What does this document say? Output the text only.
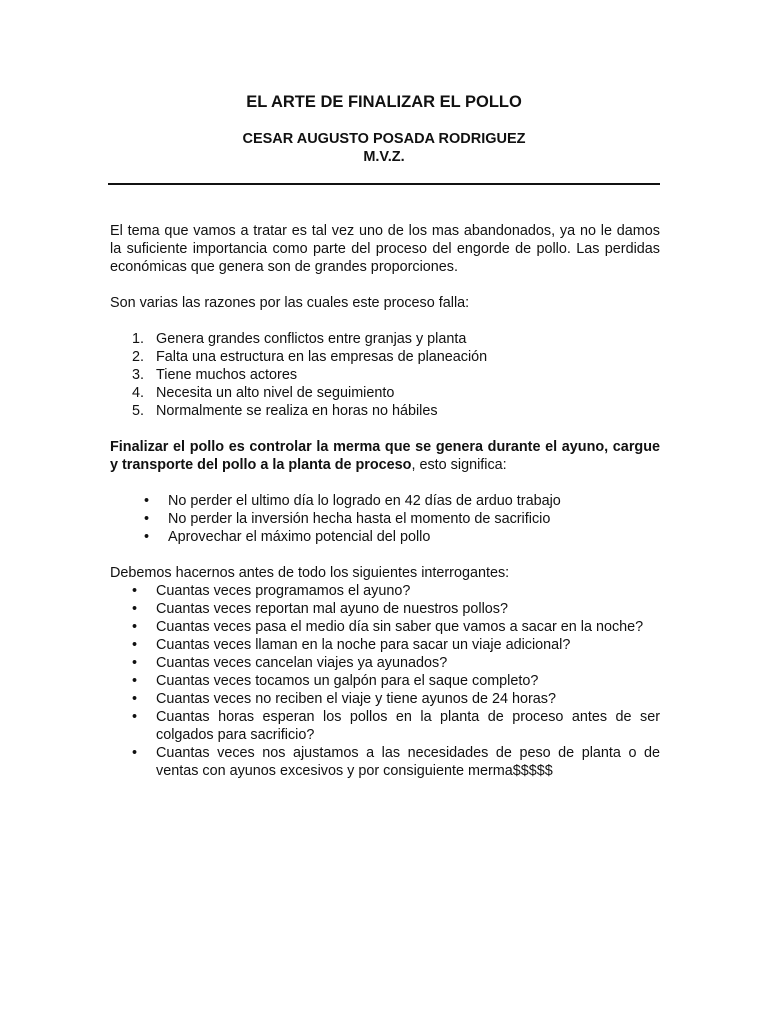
EL ARTE DE FINALIZAR EL POLLO
CESAR AUGUSTO POSADA RODRIGUEZ
M.V.Z.

El tema que vamos a tratar es tal vez uno de los mas abandonados, ya no le damos la suficiente importancia como parte del proceso del engorde de pollo. Las perdidas económicas que genera son de grandes proporciones.

Son varias las razones por las cuales este proceso falla:

1. Genera grandes conflictos entre granjas y planta
2. Falta una estructura en las empresas de planeación
3. Tiene muchos actores
4. Necesita un alto nivel de seguimiento
5. Normalmente se realiza en horas no hábiles

Finalizar el pollo es controlar la merma que se genera durante el ayuno, cargue y transporte del pollo a la planta de proceso, esto significa:

• No perder el ultimo día lo logrado en 42 días de arduo trabajo
• No perder la inversión hecha hasta el momento de sacrificio
• Aprovechar el máximo potencial del pollo

Debemos hacernos antes de todo los siguientes interrogantes:

• Cuantas veces programamos el ayuno?
• Cuantas veces reportan mal ayuno de nuestros pollos?
• Cuantas veces pasa el medio día sin saber que vamos a sacar en la noche?
• Cuantas veces llaman en la noche para sacar un viaje adicional?
• Cuantas veces cancelan viajes ya ayunados?
• Cuantas veces tocamos un galpón para el saque completo?
• Cuantas veces no reciben el viaje y tiene ayunos de 24 horas?
• Cuantas horas esperan los pollos en la planta de proceso antes de ser colgados para sacrificio?
• Cuantas veces nos ajustamos a las necesidades de peso de planta o de ventas con ayunos excesivos y por consiguiente merma$$$$$
